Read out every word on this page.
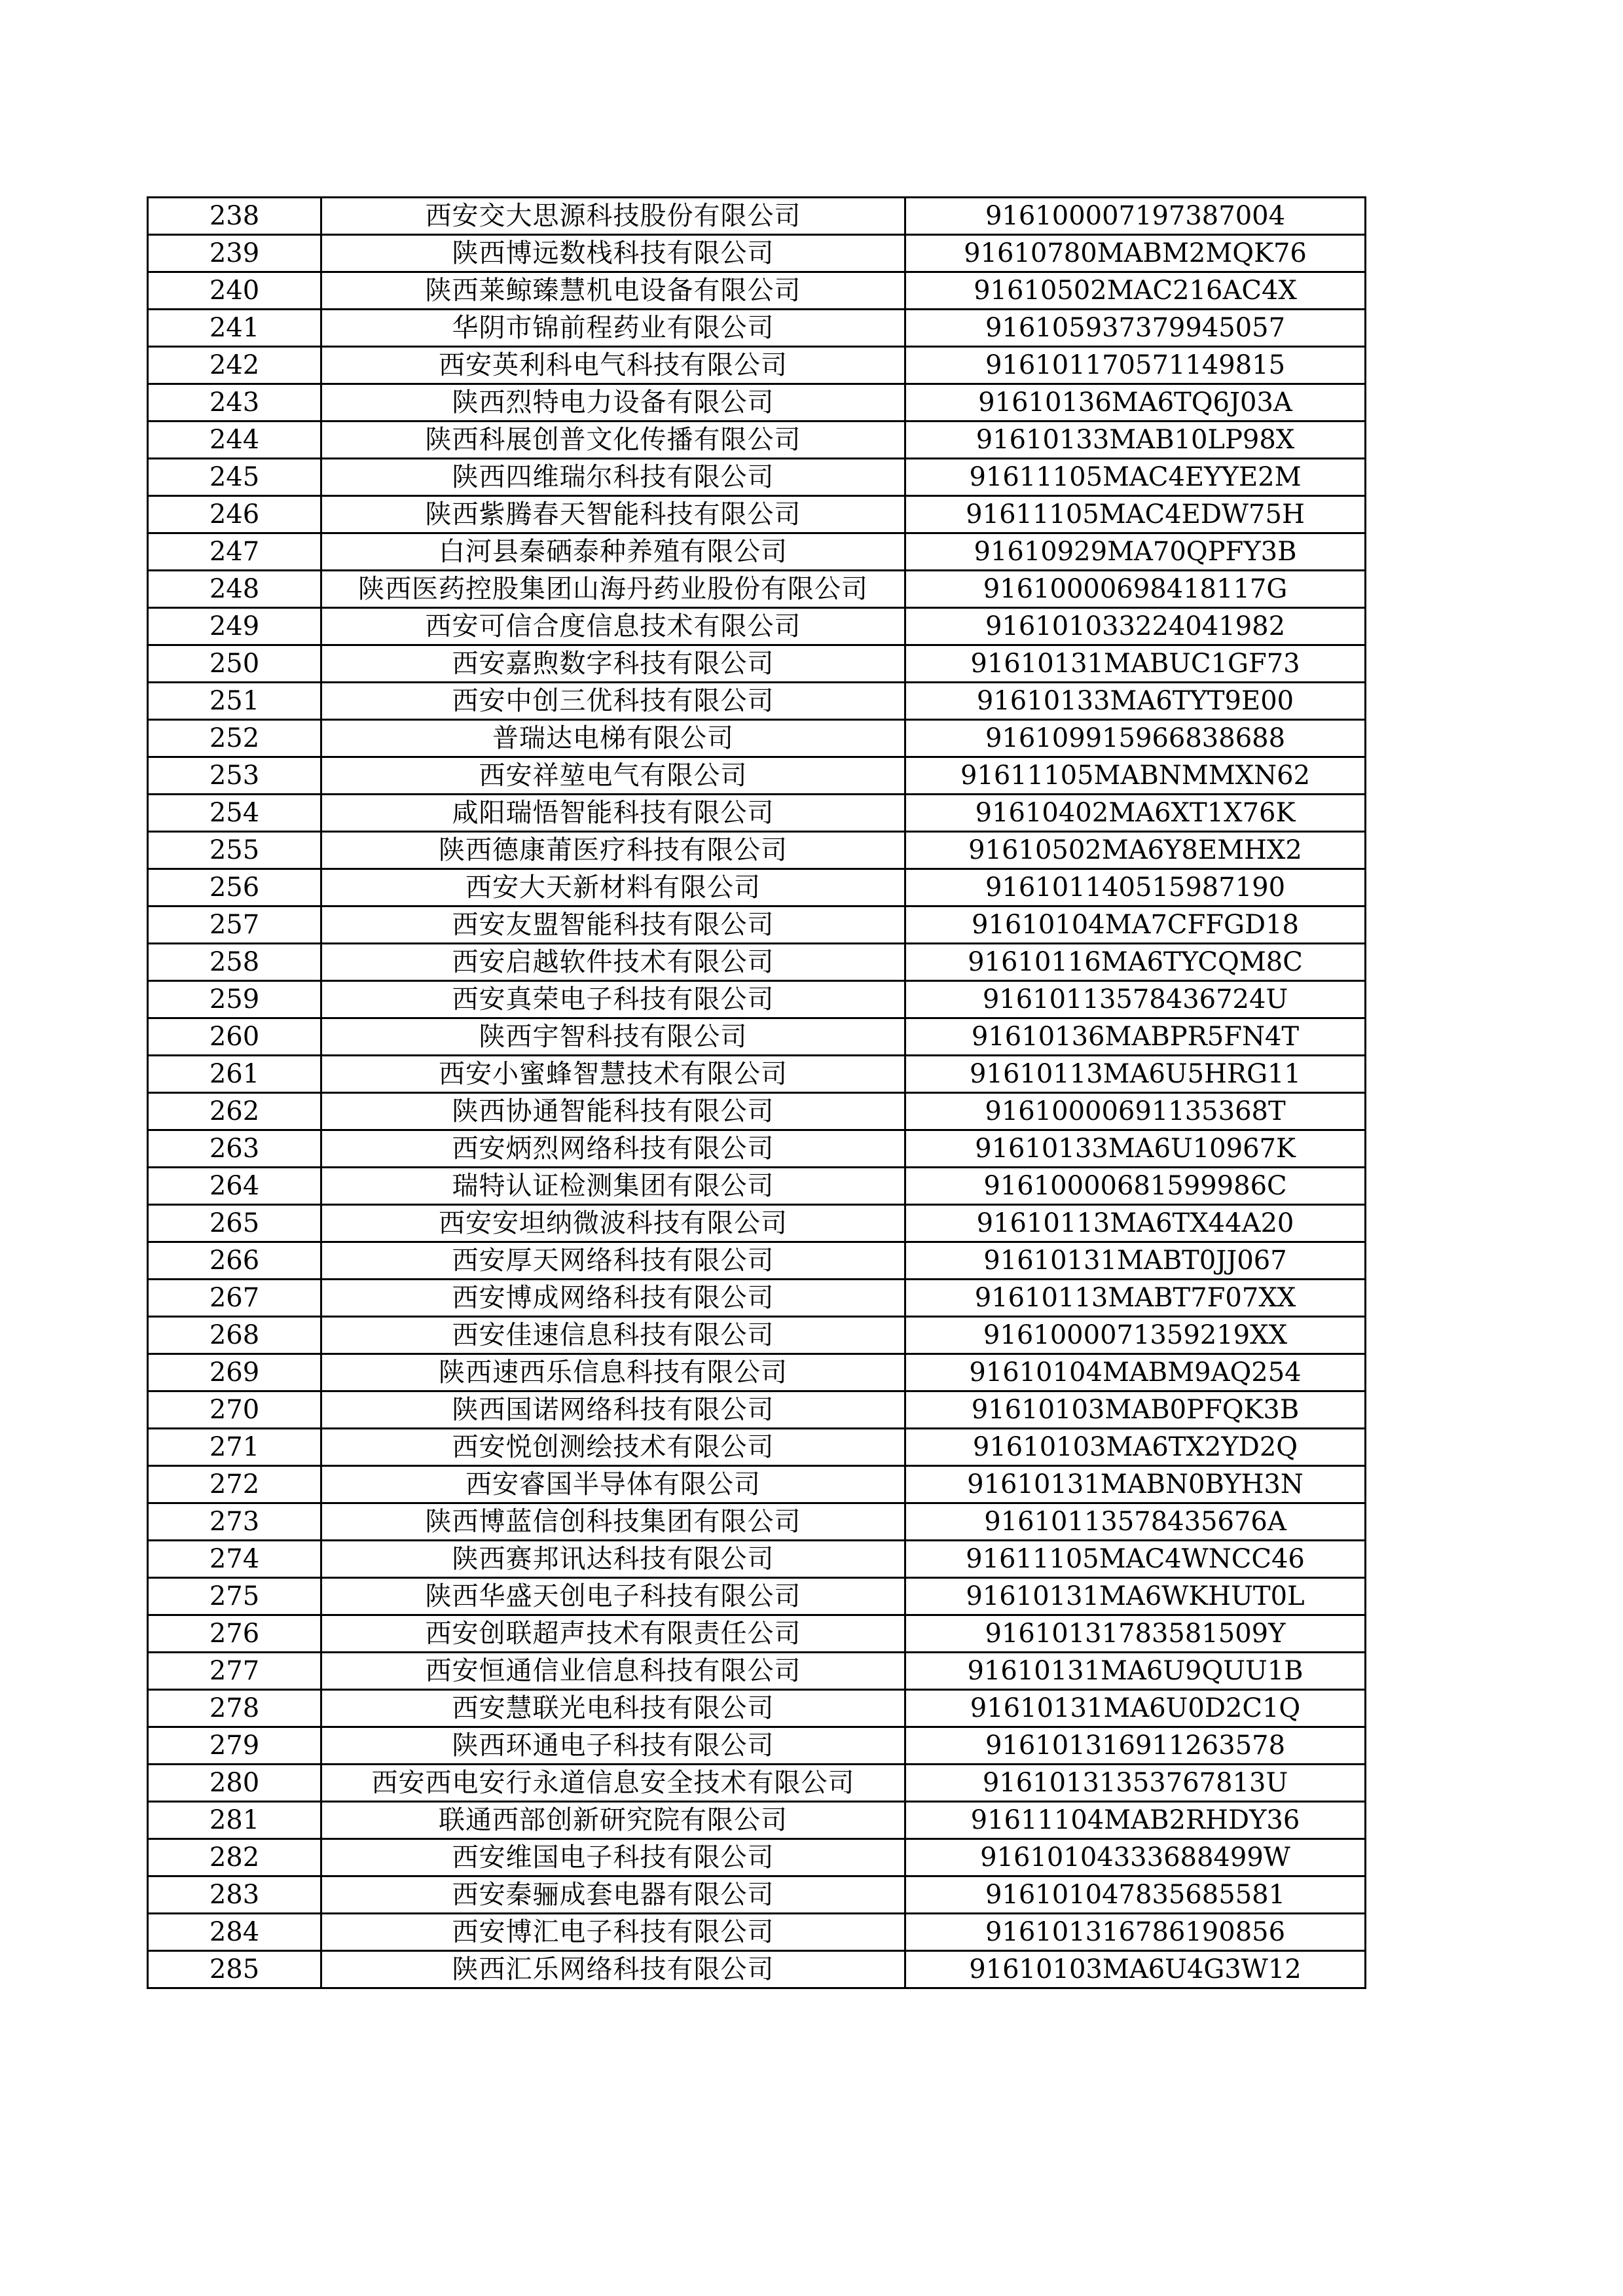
238	西安交大思源科技股份有限公司	916100007197387004
239	陕西博远数栈科技有限公司	91610780MABM2MQK76
240	陕西莱鲸臻慧机电设备有限公司	91610502MAC216AC4X
241	华阴市锦前程药业有限公司	916105937379945057
242	西安英利科电气科技有限公司	916101170571149815
243	陕西烈特电力设备有限公司	91610136MA6TQ6J03A
244	陕西科展创普文化传播有限公司	91610133MAB10LP98X
245	陕西四维瑞尔科技有限公司	91611105MAC4EYYE2M
246	陕西紫腾春天智能科技有限公司	91611105MAC4EDW75H
247	白河县秦硒泰种养殖有限公司	91610929MA70QPFY3B
248	陕西医药控股集团山海丹药业股份有限公司	91610000698418117G
249	西安可信合度信息技术有限公司	916101033224041982
250	西安嘉煦数字科技有限公司	91610131MABUC1GF73
251	西安中创三优科技有限公司	91610133MA6TYT9E00
252	普瑞达电梯有限公司	916109915966838688
253	西安祥堃电气有限公司	91611105MABNMMXN62
254	咸阳瑞悟智能科技有限公司	91610402MA6XT1X76K
255	陕西德康莆医疗科技有限公司	91610502MA6Y8EMHX2
256	西安大天新材料有限公司	916101140515987190
257	西安友盟智能科技有限公司	91610104MA7CFFGD18
258	西安启越软件技术有限公司	91610116MA6TYCQM8C
259	西安真荣电子科技有限公司	91610113578436724U
260	陕西宇智科技有限公司	91610136MABPR5FN4T
261	西安小蜜蜂智慧技术有限公司	91610113MA6U5HRG11
262	陕西协通智能科技有限公司	91610000691135368T
263	西安炳烈网络科技有限公司	91610133MA6U10967K
264	瑞特认证检测集团有限公司	91610000681599986C
265	西安安坦纳微波科技有限公司	91610113MA6TX44A20
266	西安厚天网络科技有限公司	91610131MABT0JJ067
267	西安博成网络科技有限公司	91610113MABT7F07XX
268	西安佳速信息科技有限公司	9161000071359219XX
269	陕西速西乐信息科技有限公司	91610104MABM9AQ254
270	陕西国诺网络科技有限公司	91610103MAB0PFQK3B
271	西安悦创测绘技术有限公司	91610103MA6TX2YD2Q
272	西安睿国半导体有限公司	91610131MABN0BYH3N
273	陕西博蓝信创科技集团有限公司	91610113578435676A
274	陕西赛邦讯达科技有限公司	91611105MAC4WNCC46
275	陕西华盛天创电子科技有限公司	91610131MA6WKHUT0L
276	西安创联超声技术有限责任公司	91610131783581509Y
277	西安恒通信业信息科技有限公司	91610131MA6U9QUU1B
278	西安慧联光电科技有限公司	91610131MA6U0D2C1Q
279	陕西环通电子科技有限公司	916101316911263578
280	西安西电安行永道信息安全技术有限公司	91610131353767813U
281	联通西部创新研究院有限公司	91611104MAB2RHDY36
282	西安维国电子科技有限公司	91610104333688499W
283	西安秦骊成套电器有限公司	916101047835685581
284	西安博汇电子科技有限公司	916101316786190856
285	陕西汇乐网络科技有限公司	91610103MA6U4G3W12
